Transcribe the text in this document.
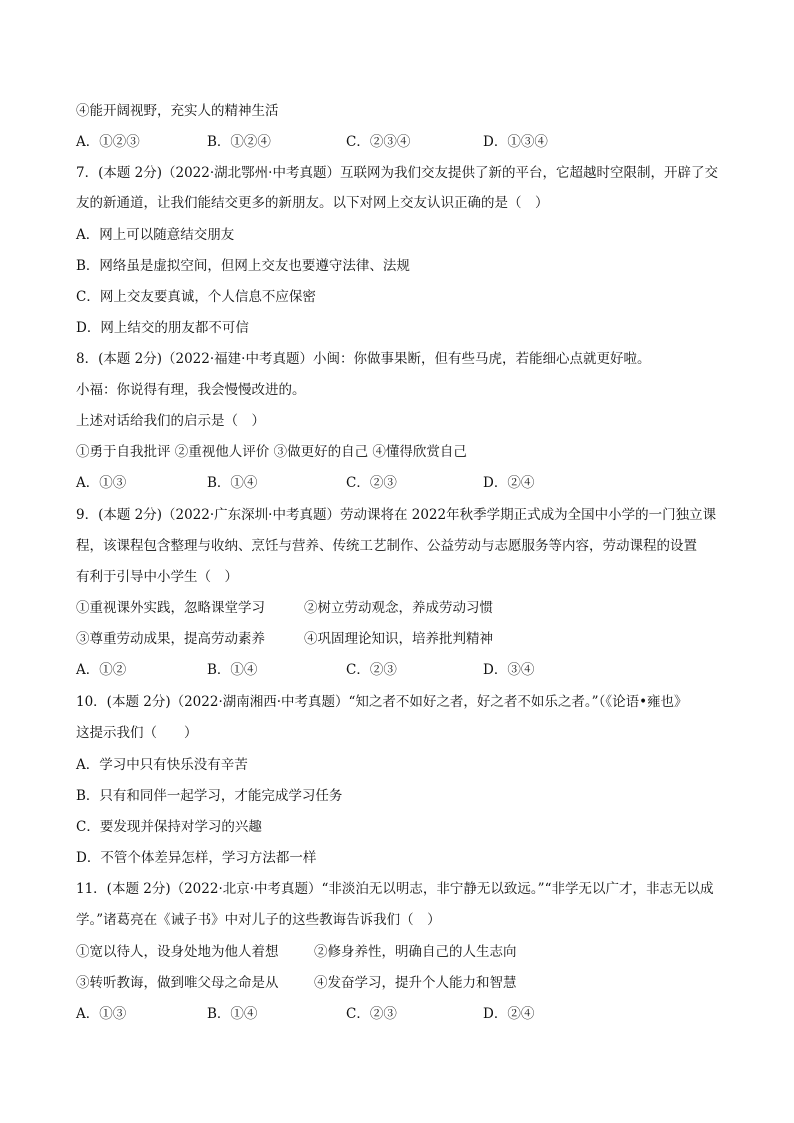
④能开阔视野，充实人的精神生活
A．①②③	B．①②④	C．②③④	D．①③④
7．(本题 2分)（2022·湖北鄂州·中考真题）互联网为我们交友提供了新的平台，它超越时空限制，开辟了交
友的新通道，让我们能结交更多的新朋友。以下对网上交友认识正确的是（　）
A．网上可以随意结交朋友
B．网络虽是虚拟空间，但网上交友也要遵守法律、法规
C．网上交友要真诚，个人信息不应保密
D．网上结交的朋友都不可信
8．(本题 2分)（2022·福建·中考真题）小闽：你做事果断，但有些马虎，若能细心点就更好啦。
小福：你说得有理，我会慢慢改进的。
上述对话给我们的启示是（　）
①勇于自我批评 ②重视他人评价 ③做更好的自己 ④懂得欣赏自己
A．①③	B．①④	C．②③	D．②④
9．(本题 2分)（2022·广东深圳·中考真题）劳动课将在 2022年秋季学期正式成为全国中小学的一门独立课
程，该课程包含整理与收纳、烹饪与营养、传统工艺制作、公益劳动与志愿服务等内容，劳动课程的设置
有利于引导中小学生（　）
①重视课外实践，忽略课堂学习	②树立劳动观念，养成劳动习惯
③尊重劳动成果，提高劳动素养	④巩固理论知识，培养批判精神
A．①②	B．①④	C．②③	D．③④
10．(本题 2分)（2022·湖南湘西·中考真题）“知之者不如好之者，好之者不如乐之者。”（《论语•雍也》
这提示我们（　　）
A．学习中只有快乐没有辛苦
B．只有和同伴一起学习，才能完成学习任务
C．要发现并保持对学习的兴趣
D．不管个体差异怎样，学习方法都一样
11．(本题 2分)（2022·北京·中考真题）“非淡泊无以明志，非宁静无以致远。”“非学无以广才，非志无以成
学。”诸葛亮在《诫子书》中对儿子的这些教诲告诉我们（　）
①宽以待人，设身处地为他人着想	②修身养性，明确自己的人生志向
③转听教诲，做到唯父母之命是从	④发奋学习，提升个人能力和智慧
A．①③	B．①④	C．②③	D．②④
